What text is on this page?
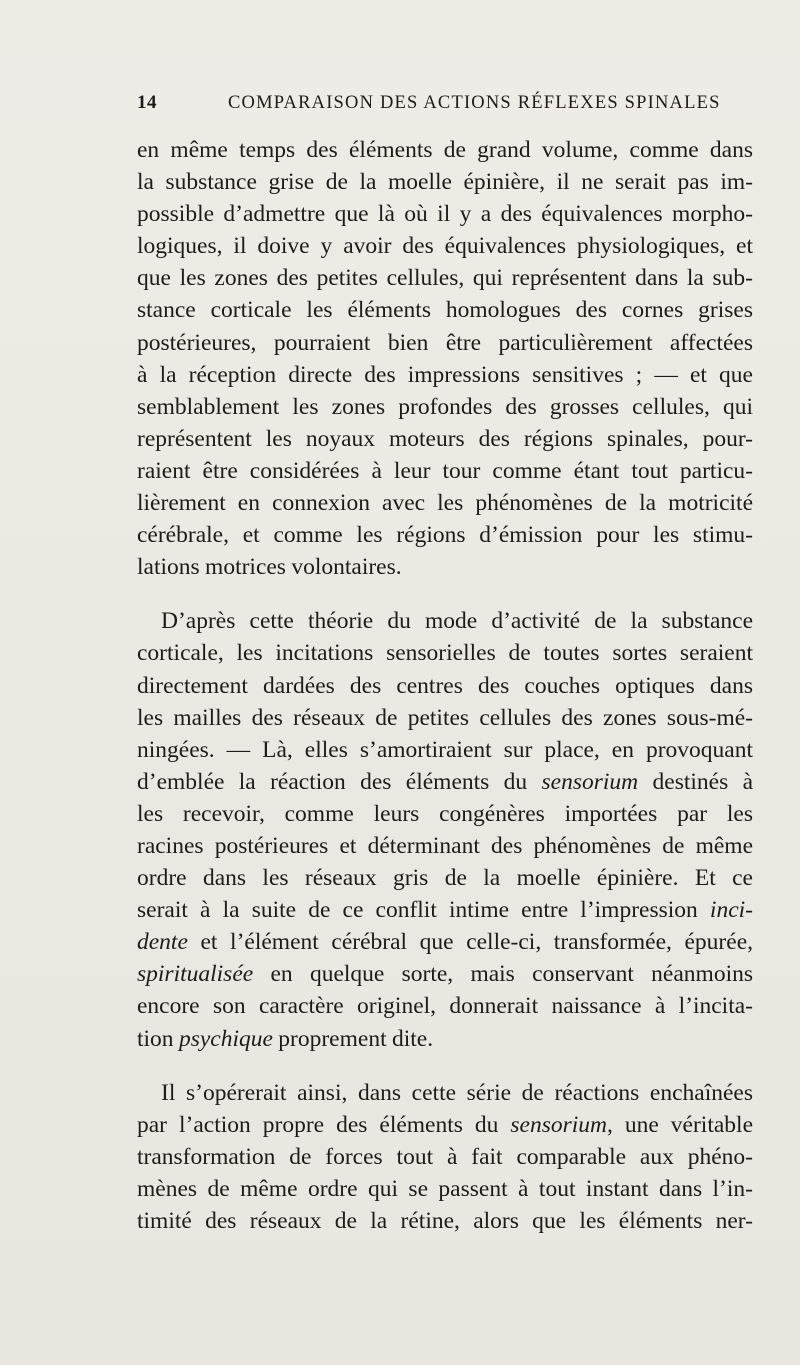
14	COMPARAISON DES ACTIONS RÉFLEXES SPINALES

en même temps des éléments de grand volume, comme dans
la substance grise de la moelle épinière, il ne serait pas im-
possible d’admettre que là où il y a des équivalences morpho-
logiques, il doive y avoir des équivalences physiologiques, et
que les zones des petites cellules, qui représentent dans la sub-
stance corticale les éléments homologues des cornes grises
postérieures, pourraient bien être particulièrement affectées
à la réception directe des impressions sensitives ; — et que
semblablement les zones profondes des grosses cellules, qui
représentent les noyaux moteurs des régions spinales, pour-
raient être considérées à leur tour comme étant tout particu-
lièrement en connexion avec les phénomènes de la motricité
cérébrale, et comme les régions d’émission pour les stimu-
lations motrices volontaires.

D’après cette théorie du mode d’activité de la substance
corticale, les incitations sensorielles de toutes sortes seraient
directement dardées des centres des couches optiques dans
les mailles des réseaux de petites cellules des zones sous-mé-
ningées. — Là, elles s’amortiraient sur place, en provoquant
d’emblée la réaction des éléments du sensorium destinés à
les recevoir, comme leurs congénères importées par les
racines postérieures et déterminant des phénomènes de même
ordre dans les réseaux gris de la moelle épinière. Et ce
serait à la suite de ce conflit intime entre l’impression inci-
dente et l’élément cérébral que celle-ci, transformée, épurée,
spiritualisée en quelque sorte, mais conservant néanmoins
encore son caractère originel, donnerait naissance à l’incita-
tion psychique proprement dite.

Il s’opérerait ainsi, dans cette série de réactions enchaînées
par l’action propre des éléments du sensorium, une véritable
transformation de forces tout à fait comparable aux phéno-
mènes de même ordre qui se passent à tout instant dans l’in-
timité des réseaux de la rétine, alors que les éléments ner-
